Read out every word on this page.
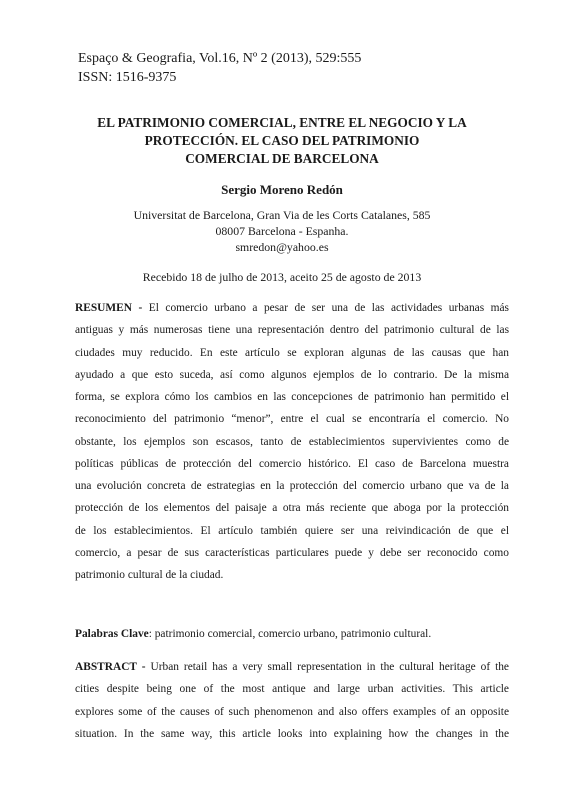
Espaço & Geografia, Vol.16, Nº 2 (2013), 529:555
ISSN: 1516-9375
EL PATRIMONIO COMERCIAL, ENTRE EL NEGOCIO Y LA
PROTECCIÓN. EL CASO DEL PATRIMONIO
COMERCIAL DE BARCELONA
Sergio Moreno Redón
Universitat de Barcelona, Gran Via de les Corts Catalanes, 585
08007 Barcelona - Espanha.
smredon@yahoo.es
Recebido 18 de julho de 2013, aceito 25 de agosto de 2013
RESUMEN - El comercio urbano a pesar de ser una de las actividades urbanas más
antiguas y más numerosas tiene una representación dentro del patrimonio cultural de las
ciudades muy reducido. En este artículo se exploran algunas de las causas que han
ayudado a que esto suceda, así como algunos ejemplos de lo contrario. De la misma
forma, se explora cómo los cambios en las concepciones de patrimonio han permitido el
reconocimiento del patrimonio “menor”, entre el cual se encontraría el comercio. No
obstante, los ejemplos son escasos, tanto de establecimientos supervivientes como de
políticas públicas de protección del comercio histórico. El caso de Barcelona muestra
una evolución concreta de estrategias en la protección del comercio urbano que va de la
protección de los elementos del paisaje a otra más reciente que aboga por la protección
de los establecimientos. El artículo también quiere ser una reivindicación de que el
comercio, a pesar de sus características particulares puede y debe ser reconocido como
patrimonio cultural de la ciudad.
Palabras Clave: patrimonio comercial, comercio urbano, patrimonio cultural.
ABSTRACT - Urban retail has a very small representation in the cultural heritage of the
cities despite being one of the most antique and large urban activities. This article
explores some of the causes of such phenomenon and also offers examples of an opposite
situation. In the same way, this article looks into explaining how the changes in the
